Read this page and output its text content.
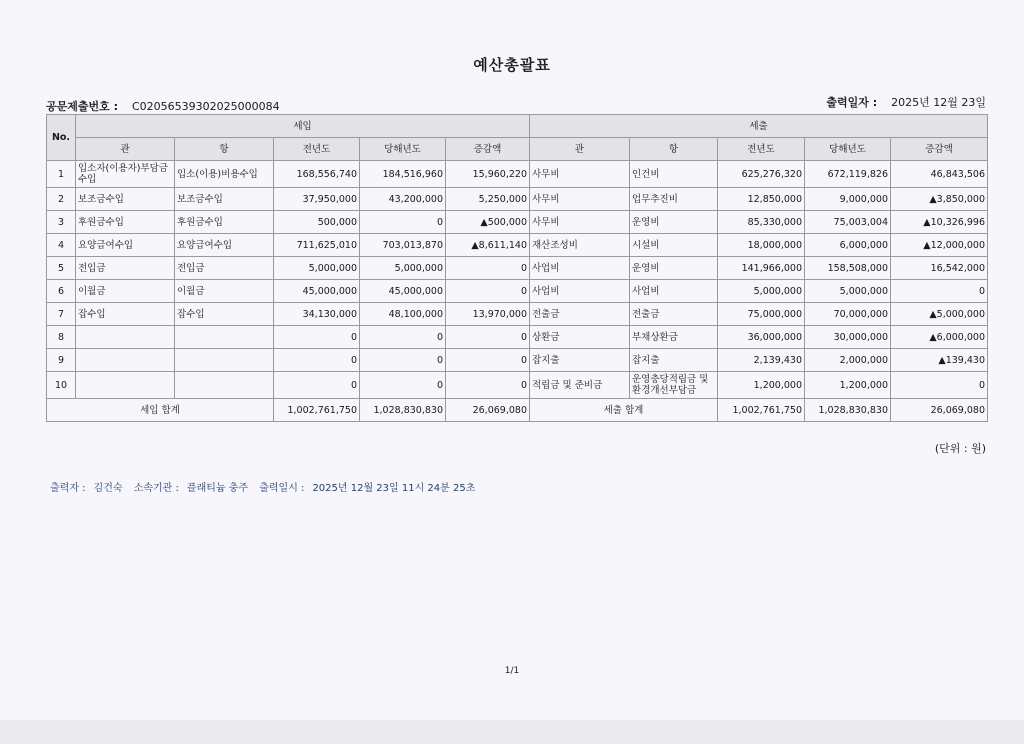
예산총괄표
공문제출번호 : C02056539302025000084	출력일자 : 2025년 12월 23일
No.	세입					세출				
	관	항	전년도	당해년도	증감액	관	항	전년도	당해년도	증감액
1	입소자(이용자)부담금수입	입소(이용)비용수입	168,556,740	184,516,960	15,960,220	사무비	인건비	625,276,320	672,119,826	46,843,506
2	보조금수입	보조금수입	37,950,000	43,200,000	5,250,000	사무비	업무추진비	12,850,000	9,000,000	▲3,850,000
3	후원금수입	후원금수입	500,000	0	▲500,000	사무비	운영비	85,330,000	75,003,004	▲10,326,996
4	요양급여수입	요양급여수입	711,625,010	703,013,870	▲8,611,140	재산조성비	시설비	18,000,000	6,000,000	▲12,000,000
5	전입금	전입금	5,000,000	5,000,000	0	사업비	운영비	141,966,000	158,508,000	16,542,000
6	이월금	이월금	45,000,000	45,000,000	0	사업비	사업비	5,000,000	5,000,000	0
7	잡수입	잡수입	34,130,000	48,100,000	13,970,000	전출금	전출금	75,000,000	70,000,000	▲5,000,000
8			0	0	0	상환금	부채상환금	36,000,000	30,000,000	▲6,000,000
9			0	0	0	잡지출	잡지출	2,139,430	2,000,000	▲139,430
10			0	0	0	적립금 및 준비금	운영충당적립금 및 환경개선부담금	1,200,000	1,200,000	0
세입 합계			1,002,761,750	1,028,830,830	26,069,080	세출 합계		1,002,761,750	1,028,830,830	26,069,080
(단위 : 원)
출력자 : 김건숙 소속기관 : 플래티늄 충주 출력일시 : 2025년 12월 23일 11시 24분 25초
1/1
